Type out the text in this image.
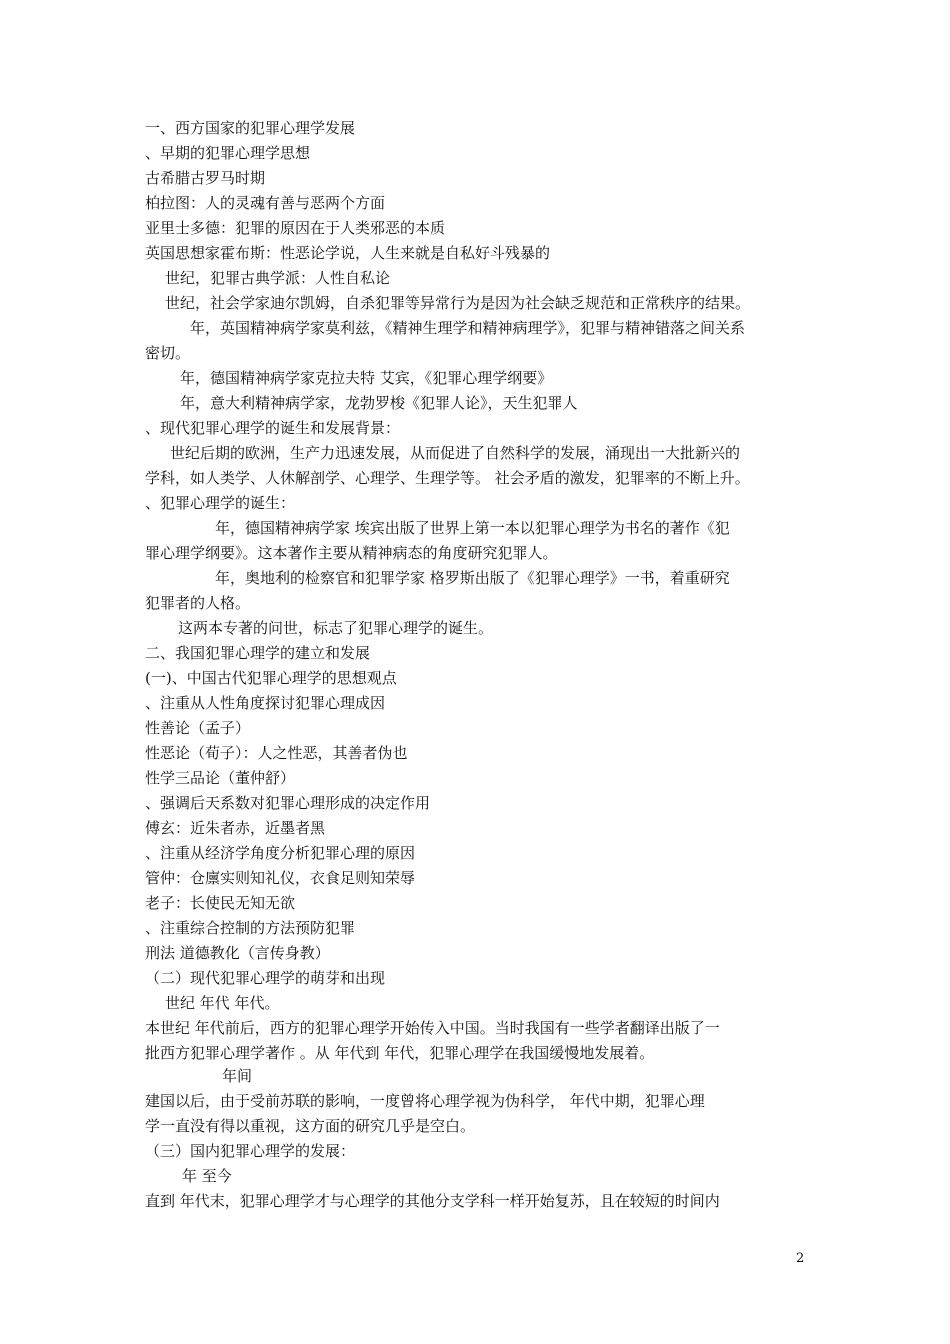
一、西方国家的犯罪心理学发展
、早期的犯罪心理学思想
古希腊古罗马时期
柏拉图：人的灵魂有善与恶两个方面
亚里士多德：犯罪的原因在于人类邪恶的本质
英国思想家霍布斯：性恶论学说，人生来就是自私好斗残暴的
世纪，犯罪古典学派：人性自私论
世纪，社会学家迪尔凯姆，自杀犯罪等异常行为是因为社会缺乏规范和正常秩序的结果。
年，英国精神病学家莫利兹，《精神生理学和精神病理学》，犯罪与精神错落之间关系
密切。
年，德国精神病学家克拉夫特 艾宾，《犯罪心理学纲要》
年，意大利精神病学家，龙勃罗梭《犯罪人论》，天生犯罪人
、现代犯罪心理学的诞生和发展背景：
世纪后期的欧洲，生产力迅速发展，从而促进了自然科学的发展，涌现出一大批新兴的
学科，如人类学、人休解剖学、心理学、生理学等。 社会矛盾的激发，犯罪率的不断上升。
、犯罪心理学的诞生：
年，德国精神病学家 埃宾出版了世界上第一本以犯罪心理学为书名的著作《犯
罪心理学纲要》。这本著作主要从精神病态的角度研究犯罪人。
年，奥地利的检察官和犯罪学家 格罗斯出版了《犯罪心理学》一书，着重研究
犯罪者的人格。
这两本专著的问世，标志了犯罪心理学的诞生。
二、我国犯罪心理学的建立和发展
(一)、中国古代犯罪心理学的思想观点
、注重从人性角度探讨犯罪心理成因
性善论（孟子）
性恶论（荀子）：人之性恶，其善者伪也
性学三品论（董仲舒）
、强调后天系数对犯罪心理形成的决定作用
傅玄：近朱者赤，近墨者黑
、注重从经济学角度分析犯罪心理的原因
管仲：仓廪实则知礼仪，衣食足则知荣辱
老子：长使民无知无欲
、注重综合控制的方法预防犯罪
刑法 道德教化（言传身教）
（二）现代犯罪心理学的萌芽和出现
世纪 年代 年代。
本世纪 年代前后，西方的犯罪心理学开始传入中国。当时我国有一些学者翻译出版了一
批西方犯罪心理学著作 。从 年代到 年代，犯罪心理学在我国缓慢地发展着。
年间
建国以后，由于受前苏联的影响，一度曾将心理学视为伪科学， 年代中期，犯罪心理
学一直没有得以重视，这方面的研究几乎是空白。
（三）国内犯罪心理学的发展：
年 至今
直到 年代末，犯罪心理学才与心理学的其他分支学科一样开始复苏，且在较短的时间内
2
